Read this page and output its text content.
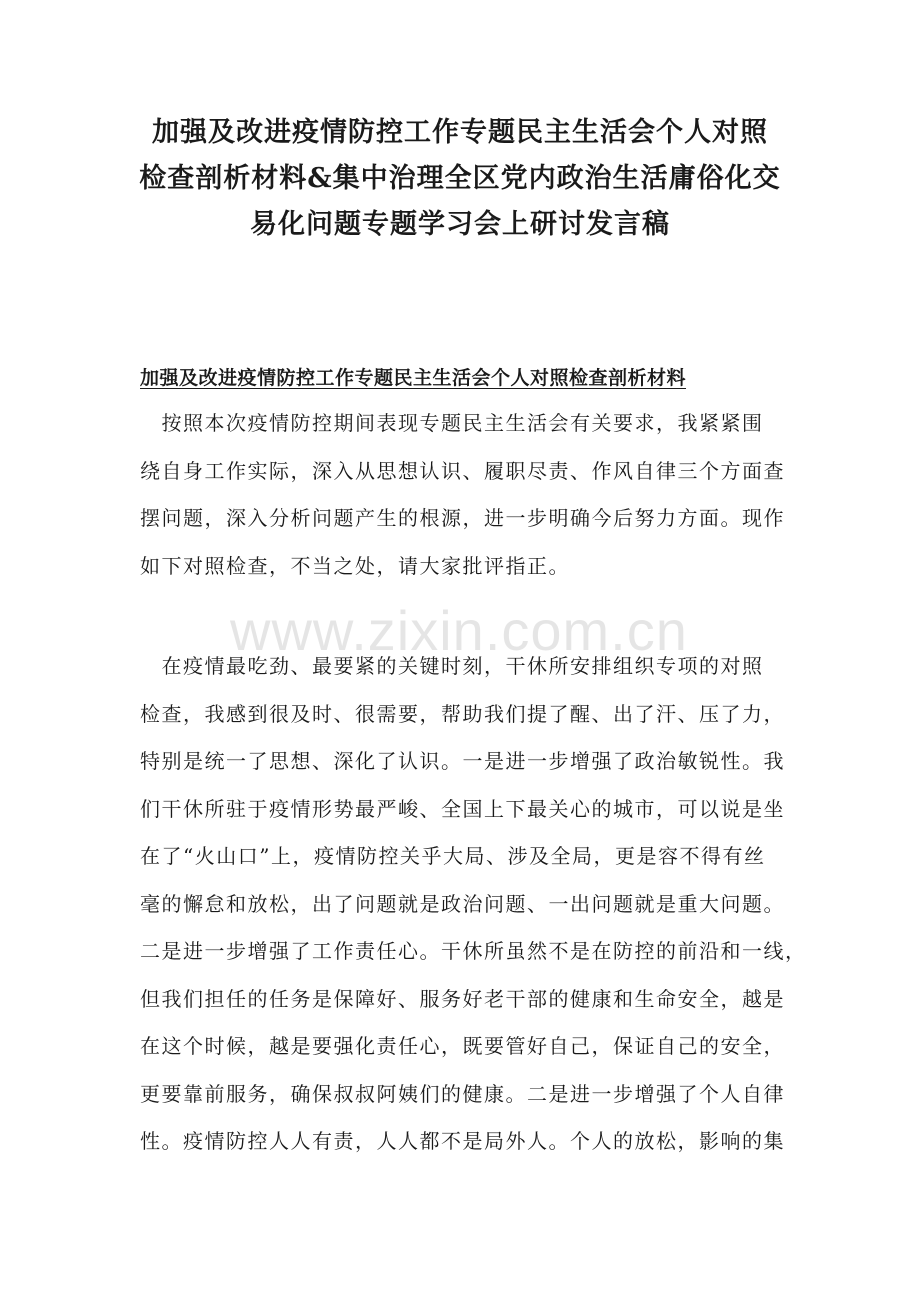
加强及改进疫情防控工作专题民主生活会个人对照
检查剖析材料&集中治理全区党内政治生活庸俗化交
易化问题专题学习会上研讨发言稿
加强及改进疫情防控工作专题民主生活会个人对照检查剖析材料
　按照本次疫情防控期间表现专题民主生活会有关要求，我紧紧围
绕自身工作实际，深入从思想认识、履职尽责、作风自律三个方面查
摆问题，深入分析问题产生的根源，进一步明确今后努力方面。现作
如下对照检查，不当之处，请大家批评指正。
www.zixin.com.cn
　在疫情最吃劲、最要紧的关键时刻，干休所安排组织专项的对照
检查，我感到很及时、很需要，帮助我们提了醒、出了汗、压了力，
特别是统一了思想、深化了认识。一是进一步增强了政治敏锐性。我
们干休所驻于疫情形势最严峻、全国上下最关心的城市，可以说是坐
在了“火山口”上，疫情防控关乎大局、涉及全局，更是容不得有丝
毫的懈怠和放松，出了问题就是政治问题、一出问题就是重大问题。
二是进一步增强了工作责任心。干休所虽然不是在防控的前沿和一线，
但我们担任的任务是保障好、服务好老干部的健康和生命安全，越是
在这个时候，越是要强化责任心，既要管好自己，保证自己的安全，
更要靠前服务，确保叔叔阿姨们的健康。二是进一步增强了个人自律
性。疫情防控人人有责，人人都不是局外人。个人的放松，影响的集
